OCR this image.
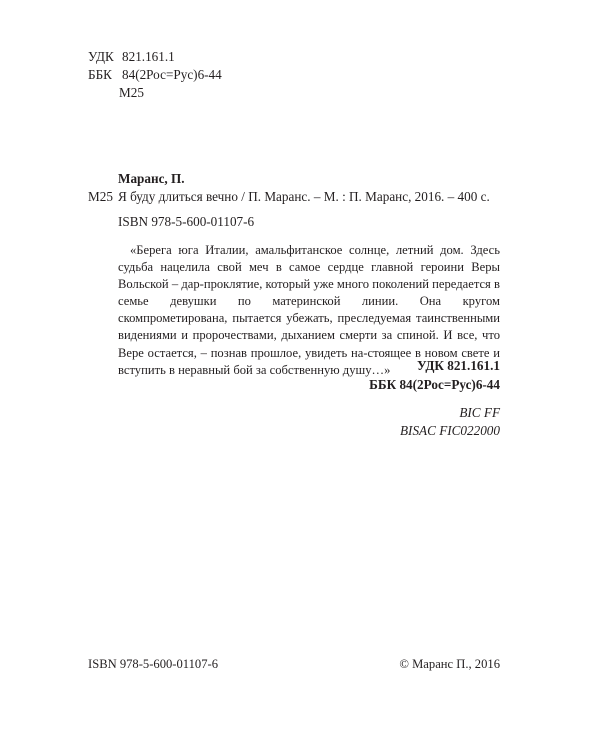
УДК 821.161.1
ББК 84(2Рос=Рус)6-44
М25
Маранс, П.
М25 Я буду длиться вечно / П. Маранс. – М. : П. Маранс, 2016. – 400 с.
ISBN 978-5-600-01107-6
«Берега юга Италии, амальфитанское солнце, летний дом. Здесь судьба нацелила свой меч в самое сердце главной героини Веры Вольской – дар-проклятие, который уже много поколений передается в семье девушки по материнской линии. Она кругом скомпрометирована, пытается убежать, преследуемая таинственными видениями и пророчествами, дыханием смерти за спиной. И все, что Вере остается, – познав прошлое, увидеть на-стоящее в новом свете и вступить в неравный бой за собственную душу…»	УДК 821.161.1
ББК 84(2Рос=Рус)6-44
BIC FF
BISAC FIC022000
ISBN 978-5-600-01107-6	© Маранс П., 2016
